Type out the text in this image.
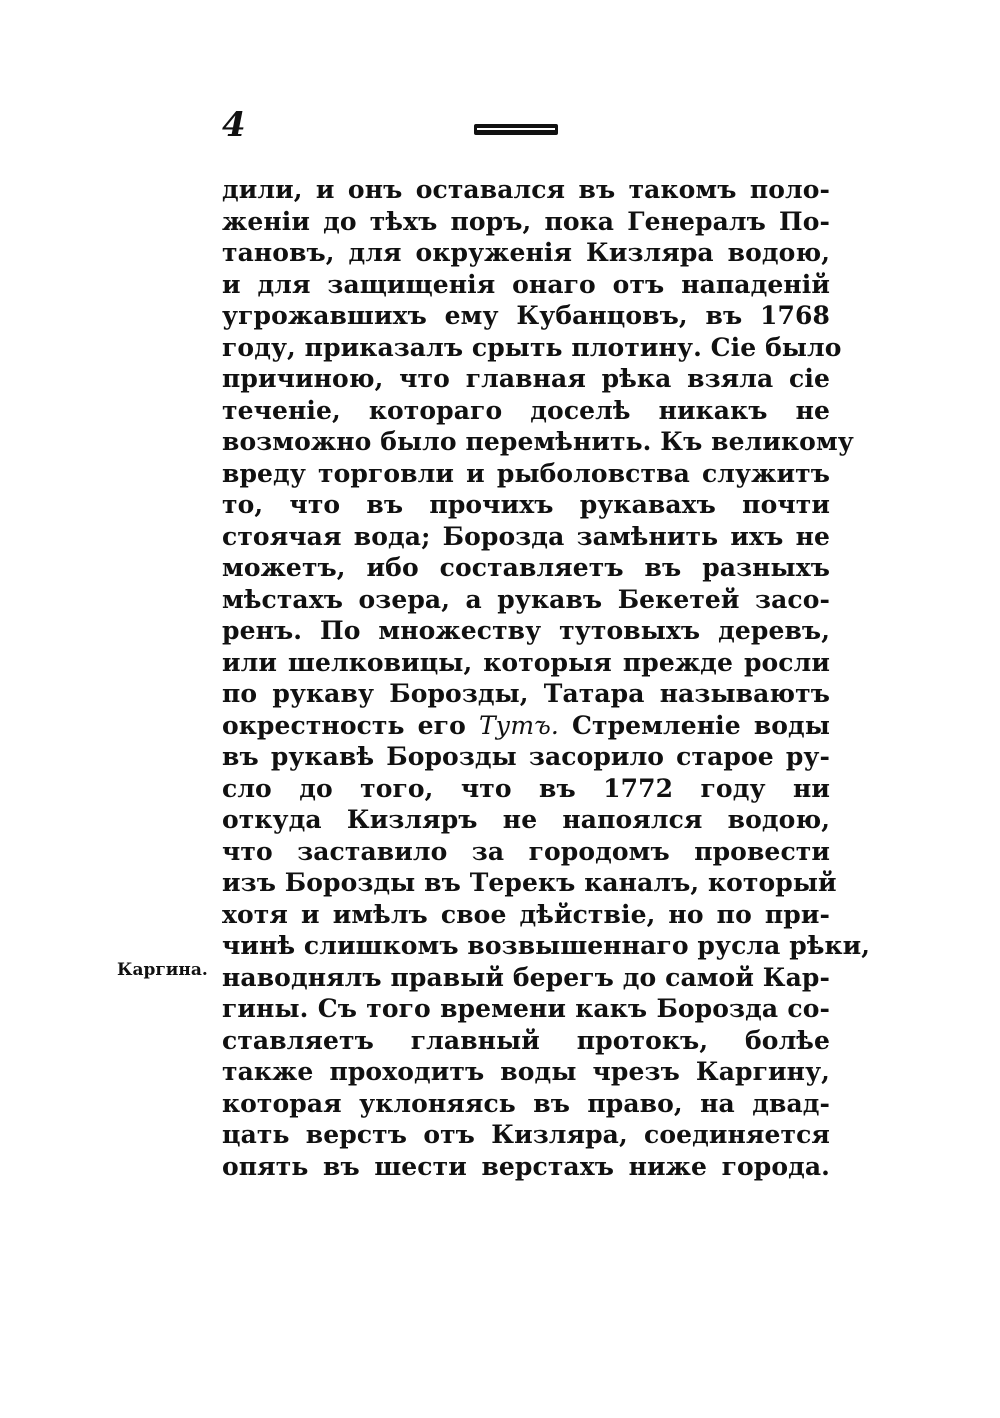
4
Каргина.
дили, и онъ оставался въ такомъ поло-
женіи до тѣхъ поръ, пока Генералъ По-
тановъ, для окруженія Кизляра водою,
и для защищенія онаго отъ нападеній
угрожавшихъ ему Кубанцовъ, въ 1768
году, приказалъ срыть плотину. Сіе было
причиною, что главная рѣка взяла сіе
теченіе, котораго доселѣ никакъ не
возможно было перемѣнить. Къ великому
вреду торговли и рыболовства служитъ
то, что въ прочихъ рукавахъ почти
стоячая вода; Бороздa замѣнить ихъ не
можетъ, ибо составляетъ въ разныхъ
мѣстахъ озера, а рукавъ Бекетей засо-
ренъ. По множеству тутовыхъ деревъ,
или шелковицы, которыя прежде росли
по рукаву Борозды, Татара называютъ
окрестность его Тутъ. Стремленіе воды
въ рукавѣ Борозды засорило старое ру-
сло до того, что въ 1772 году ни
откуда Кизляръ не напоялся водою,
что заставило за городомъ провести
изъ Борозды въ Терекъ каналъ, который
хотя и имѣлъ свое дѣйствіе, но по при-
чинѣ слишкомъ возвышеннаго русла рѣки,
наводнялъ правый берегъ до самой Кар-
гины. Съ того времени какъ Борозда со-
ставляетъ главный протокъ, болѣе
также проходитъ воды чрезъ Каргину,
которая уклоняясь въ право, на двад-
цать верстъ отъ Кизляра, соединяется
опять въ шести верстахъ ниже города.
